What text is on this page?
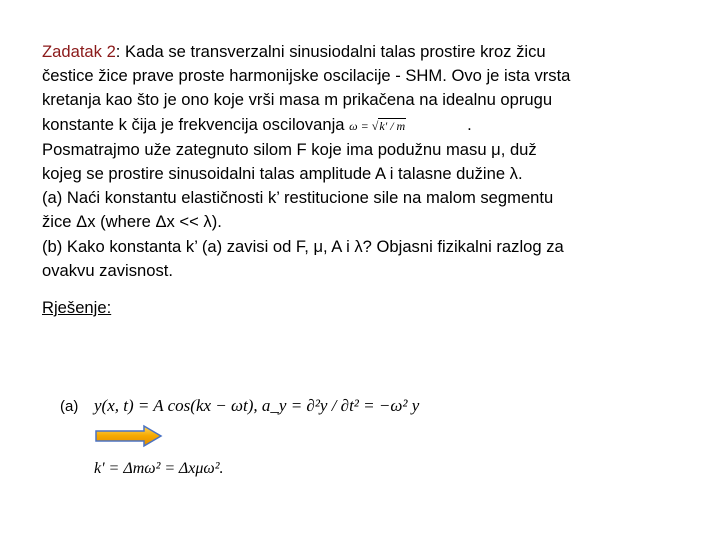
Zadatak 2: Kada se transverzalni sinusiodalni talas prostire kroz žicu
čestice žice prave proste harmonijske oscilacije - SHM. Ovo je ista vrsta
kretanja kao što je ono koje vrši masa m prikačena na idealnu oprugu
konstante k čija je frekvencija oscilovanja ω = √k' / m	.
Posmatrajmo uže zategnuto silom F koje ima podužnu masu μ, duž
kojeg se prostire sinusoidalni talas amplitude A i talasne dužine λ.
(a) Naći konstantu elastičnosti k’ restitucione sile na malom segmentu
žice Δx (where Δx << λ).
(b) Kako konstanta k’ (a) zavisi od F, μ, Α i λ? Objasni fizikalni razlog za
ovakvu zavisnost.
Rješenje:
(a) y(x, t) = A cos(kx − ωt), a_y = ∂²y / ∂t² = −ω² y
k' = Δmω² = Δxμω².
